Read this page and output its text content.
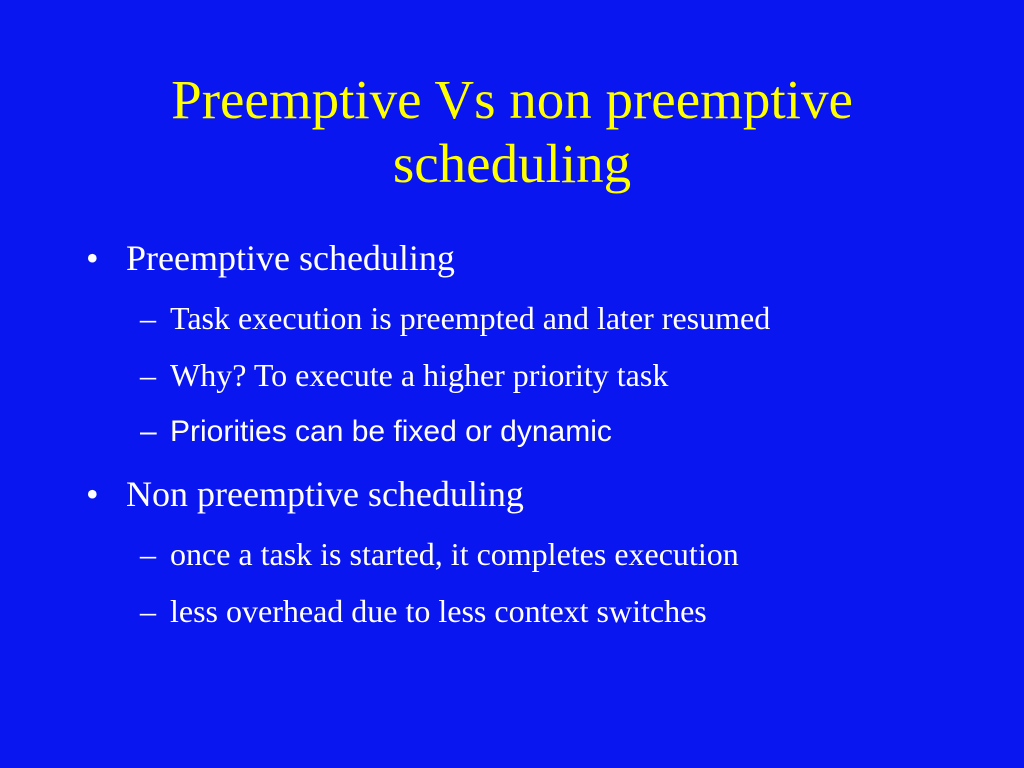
Preemptive Vs non preemptive
scheduling
• Preemptive scheduling
– Task execution is preempted and later resumed
– Why? To execute a higher priority task
– Priorities can be fixed or dynamic
• Non preemptive scheduling
– once a task is started, it completes execution
– less overhead due to less context switches
